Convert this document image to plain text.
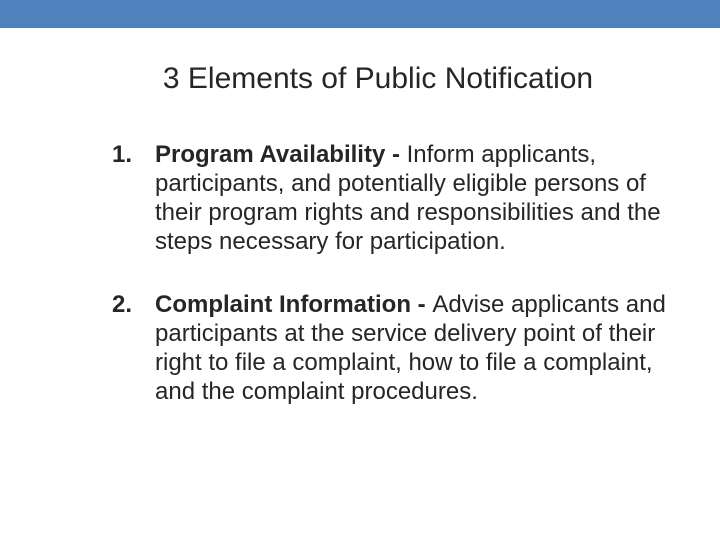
3 Elements of Public Notification
1. Program Availability - Inform applicants, participants, and potentially eligible persons of their program rights and responsibilities and the steps necessary for participation.
2. Complaint Information - Advise applicants and participants at the service delivery point of their right to file a complaint, how to file a complaint, and the complaint procedures.
